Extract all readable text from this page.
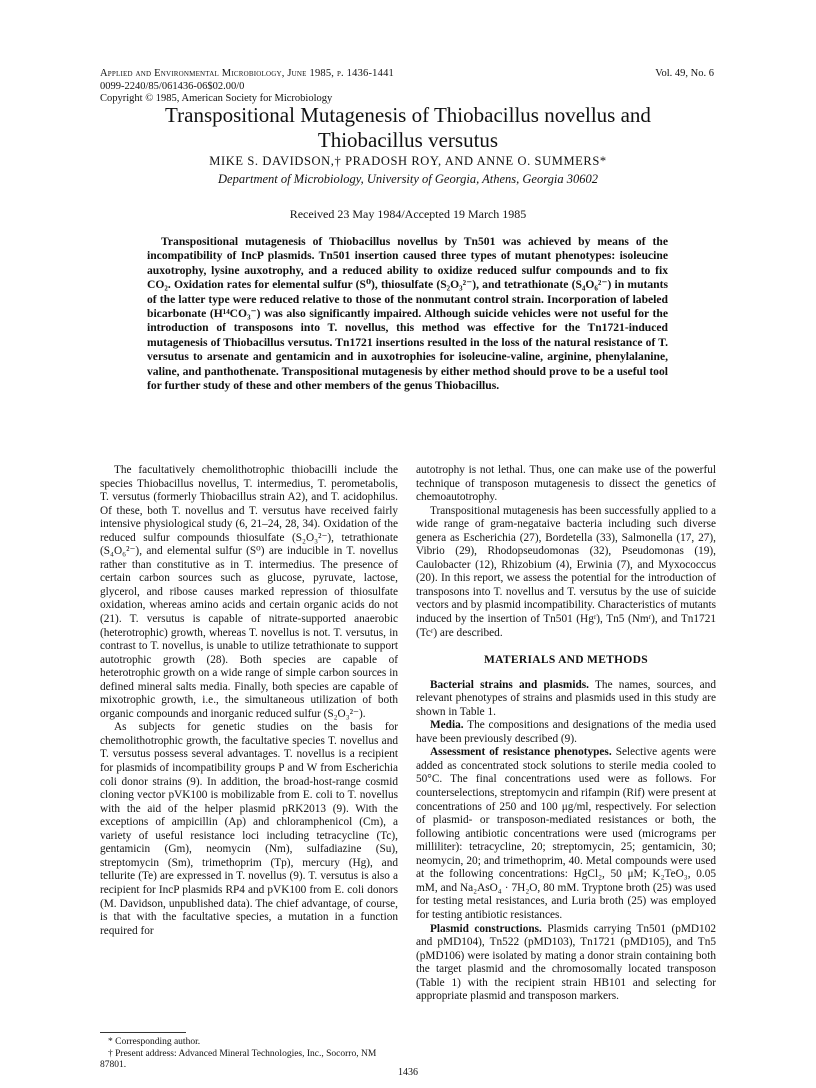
Applied and Environmental Microbiology, June 1985, p. 1436-1441
0099-2240/85/061436-06$02.00/0
Copyright © 1985, American Society for Microbiology
Vol. 49, No. 6
Transpositional Mutagenesis of Thiobacillus novellus and
Thiobacillus versutus
MIKE S. DAVIDSON,† PRADOSH ROY, AND ANNE O. SUMMERS*
Department of Microbiology, University of Georgia, Athens, Georgia 30602
Received 23 May 1984/Accepted 19 March 1985

Transpositional mutagenesis of Thiobacillus novellus by Tn501 was achieved by means of the incompatibility of IncP plasmids. Tn501 insertion caused three types of mutant phenotypes: isoleucine auxotrophy, lysine auxotrophy, and a reduced ability to oxidize reduced sulfur compounds and to fix CO₂. Oxidation rates for elemental sulfur (S⁰), thiosulfate (S₂O₃²⁻), and tetrathionate (S₄O₆²⁻) in mutants of the latter type were reduced relative to those of the nonmutant control strain. Incorporation of labeled bicarbonate (H¹⁴CO₃⁻) was also significantly impaired. Although suicide vehicles were not useful for the introduction of transposons into T. novellus, this method was effective for the Tn1721-induced mutagenesis of Thiobacillus versutus. Tn1721 insertions resulted in the loss of the natural resistance of T. versutus to arsenate and gentamicin and in auxotrophies for isoleucine-valine, arginine, phenylalanine, valine, and panthothenate. Transpositional mutagenesis by either method should prove to be a useful tool for further study of these and other members of the genus Thiobacillus.

The facultatively chemolithotrophic thiobacilli include the species Thiobacillus novellus, T. intermedius, T. perometabolis, T. versutus (formerly Thiobacillus strain A2), and T. acidophilus. Of these, both T. novellus and T. versutus have received fairly intensive physiological study (6, 21–24, 28, 34). Oxidation of the reduced sulfur compounds thiosulfate (S₂O₃²⁻), tetrathionate (S₄O₆²⁻), and elemental sulfur (S⁰) are inducible in T. novellus rather than constitutive as in T. intermedius. The presence of certain carbon sources such as glucose, pyruvate, lactose, glycerol, and ribose causes marked repression of thiosulfate oxidation, whereas amino acids and certain organic acids do not (21). T. versutus is capable of nitrate-supported anaerobic (heterotrophic) growth, whereas T. novellus is not. T. versutus, in contrast to T. novellus, is unable to utilize tetrathionate to support autotrophic growth (28). Both species are capable of heterotrophic growth on a wide range of simple carbon sources in defined mineral salts media. Finally, both species are capable of mixotrophic growth, i.e., the simultaneous utilization of both organic compounds and inorganic reduced sulfur (S₂O₃²⁻).

As subjects for genetic studies on the basis for chemolithotrophic growth, the facultative species T. novellus and T. versutus possess several advantages. T. novellus is a recipient for plasmids of incompatibility groups P and W from Escherichia coli donor strains (9). In addition, the broad-host-range cosmid cloning vector pVK100 is mobilizable from E. coli to T. novellus with the aid of the helper plasmid pRK2013 (9). With the exceptions of ampicillin (Ap) and chloramphenicol (Cm), a variety of useful resistance loci including tetracycline (Tc), gentamicin (Gm), neomycin (Nm), sulfadiazine (Su), streptomycin (Sm), trimethoprim (Tp), mercury (Hg), and tellurite (Te) are expressed in T. novellus (9). T. versutus is also a recipient for IncP plasmids RP4 and pVK100 from E. coli donors (M. Davidson, unpublished data). The chief advantage, of course, is that with the facultative species, a mutation in a function required for

autotrophy is not lethal. Thus, one can make use of the powerful technique of transposon mutagenesis to dissect the genetics of chemoautotrophy.

Transpositional mutagenesis has been successfully applied to a wide range of gram-negataive bacteria including such diverse genera as Escherichia (27), Bordetella (33), Salmonella (17, 27), Vibrio (29), Rhodopseudomonas (32), Pseudomonas (19), Caulobacter (12), Rhizobium (4), Erwinia (7), and Myxococcus (20). In this report, we assess the potential for the introduction of transposons into T. novellus and T. versutus by the use of suicide vectors and by plasmid incompatibility. Characteristics of mutants induced by the insertion of Tn501 (Hgʳ), Tn5 (Nmʳ), and Tn1721 (Tcʳ) are described.

MATERIALS AND METHODS

Bacterial strains and plasmids. The names, sources, and relevant phenotypes of strains and plasmids used in this study are shown in Table 1.

Media. The compositions and designations of the media used have been previously described (9).

Assessment of resistance phenotypes. Selective agents were added as concentrated stock solutions to sterile media cooled to 50°C. The final concentrations used were as follows. For counterselections, streptomycin and rifampin (Rif) were present at concentrations of 250 and 100 μg/ml, respectively. For selection of plasmid- or transposon-mediated resistances or both, the following antibiotic concentrations were used (micrograms per milliliter): tetracycline, 20; streptomycin, 25; gentamicin, 30; neomycin, 20; and trimethoprim, 40. Metal compounds were used at the following concentrations: HgCl₂, 50 μM; K₂TeO₃, 0.05 mM, and Na₂AsO₄ · 7H₂O, 80 mM. Tryptone broth (25) was used for testing metal resistances, and Luria broth (25) was employed for testing antibiotic resistances.

Plasmid constructions. Plasmids carrying Tn501 (pMD102 and pMD104), Tn522 (pMD103), Tn1721 (pMD105), and Tn5 (pMD106) were isolated by mating a donor strain containing both the target plasmid and the chromosomally located transposon (Table 1) with the recipient strain HB101 and selecting for appropriate plasmid and transposon markers.

* Corresponding author.
† Present address: Advanced Mineral Technologies, Inc., Socorro, NM 87801.
1436
